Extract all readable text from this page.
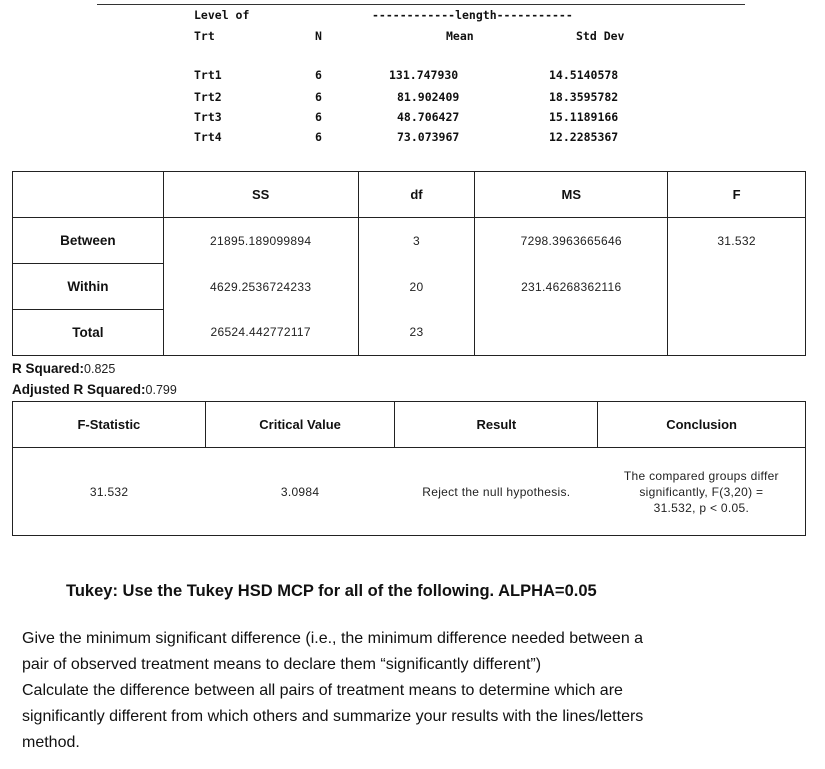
Level of	------------length-----------
Trt	N	Mean	Std Dev
Trt1	6	131.747930	14.5140578
Trt2	6	81.902409	18.3595782
Trt3	6	48.706427	15.1189166
Trt4	6	73.073967	12.2285367
	SS	df	MS	F
Between	21895.189099894	3	7298.3963665646	31.532
Within	4629.2536724233	20	231.46268362116	
Total	26524.442772117	23		
R Squared:0.825
Adjusted R Squared:0.799
F-Statistic	Critical Value	Result	Conclusion
31.532	3.0984	Reject the null hypothesis.	The compared groups differ
significantly, F(3,20) =
31.532, p < 0.05.
Tukey: Use the Tukey HSD MCP for all of the following. ALPHA=0.05
Give the minimum significant difference (i.e., the minimum difference needed between a
pair of observed treatment means to declare them “significantly different”)
Calculate the difference between all pairs of treatment means to determine which are
significantly different from which others and summarize your results with the lines/letters
method.
